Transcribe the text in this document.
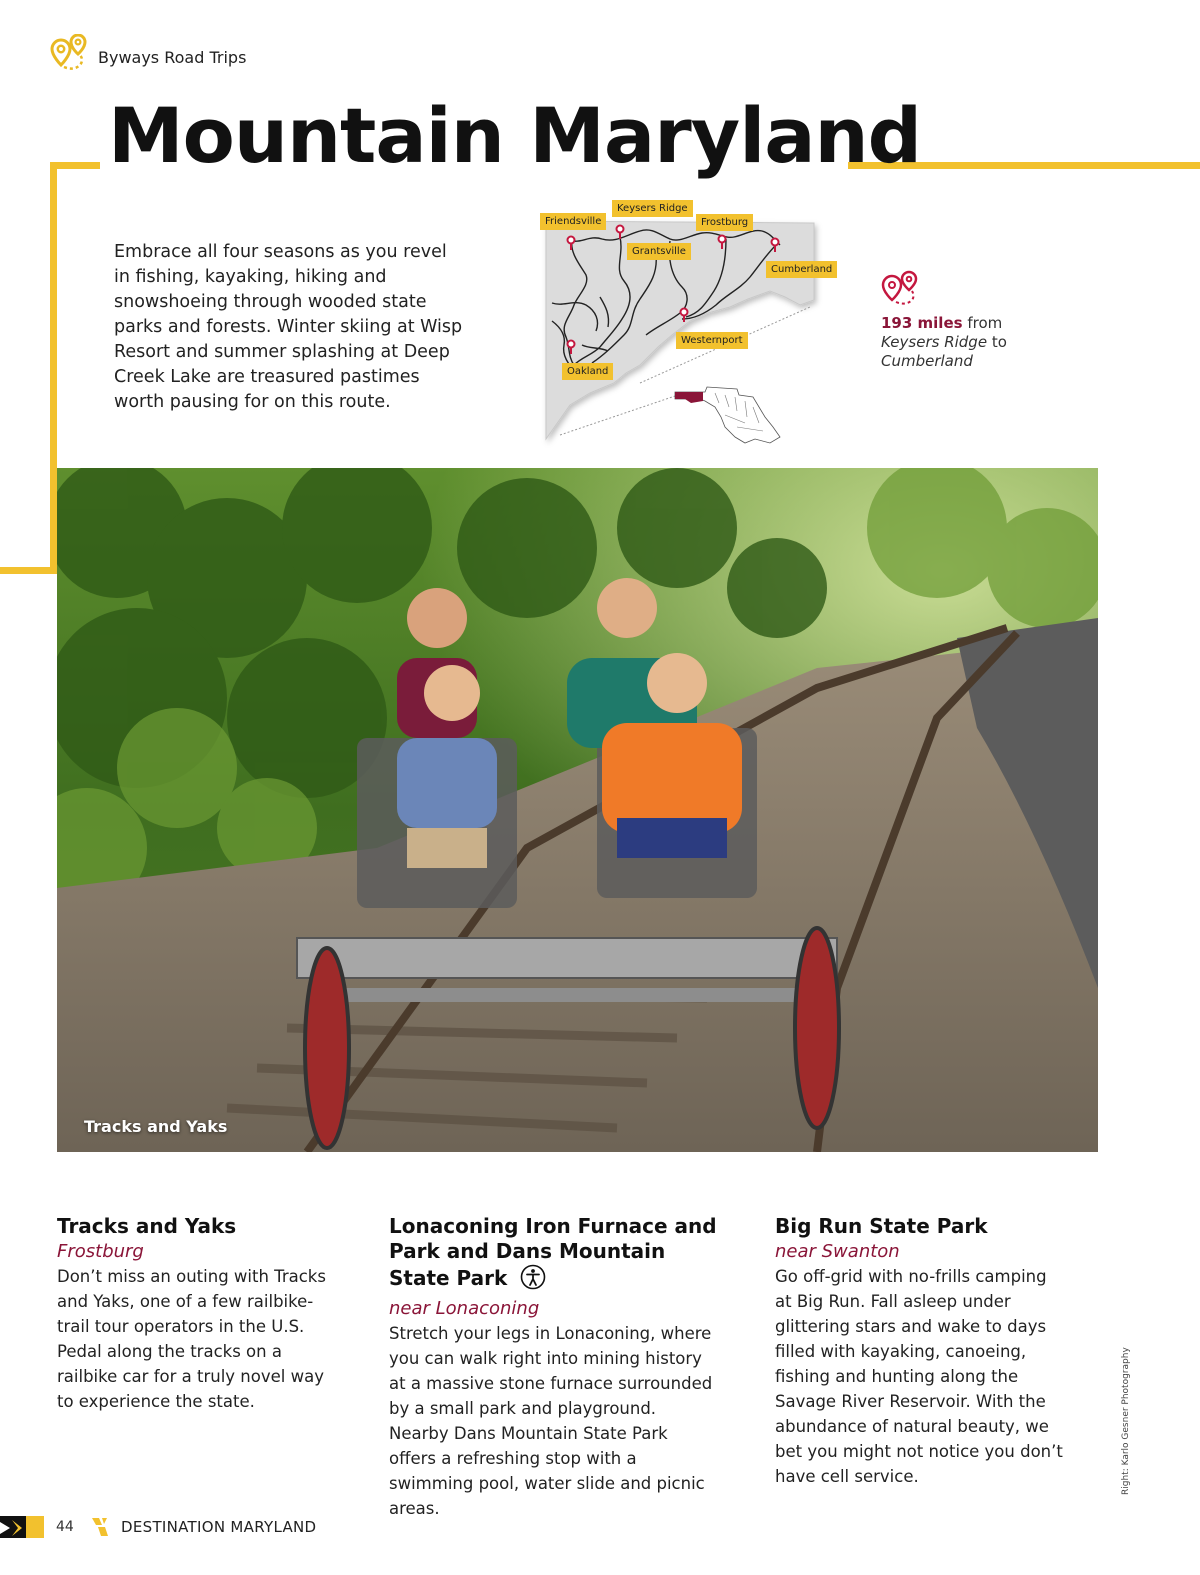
Byways Road Trips
Mountain Maryland
Embrace all four seasons as you revel in fishing, kayaking, hiking and snowshoeing through wooded state parks and forests. Winter skiing at Wisp Resort and summer splashing at Deep Creek Lake are treasured pastimes worth pausing for on this route.
Friendsville
Keysers Ridge
Frostburg
Grantsville
Cumberland
Westernport
Oakland
193 miles from
Keysers Ridge to
Cumberland
Tracks and Yaks
Tracks and Yaks
Frostburg

Don’t miss an outing with Tracks and Yaks, one of a few railbike-trail tour operators in the U.S. Pedal along the tracks on a railbike car for a truly novel way to experience the state.

Lonaconing Iron Furnace and Park and Dans Mountain State Park
near Lonaconing

Stretch your legs in Lonaconing, where you can walk right into mining history at a massive stone furnace surrounded by a small park and playground. Nearby Dans Mountain State Park offers a refreshing stop with a swimming pool, water slide and picnic areas.

Big Run State Park
near Swanton

Go off-grid with no-frills camping at Big Run. Fall asleep under glittering stars and wake to days filled with kayaking, canoeing, fishing and hunting along the Savage River Reservoir. With the abundance of natural beauty, we bet you might not notice you don’t have cell service.	Right: Karlo Gesner Photography
44	DESTINATION MARYLAND
